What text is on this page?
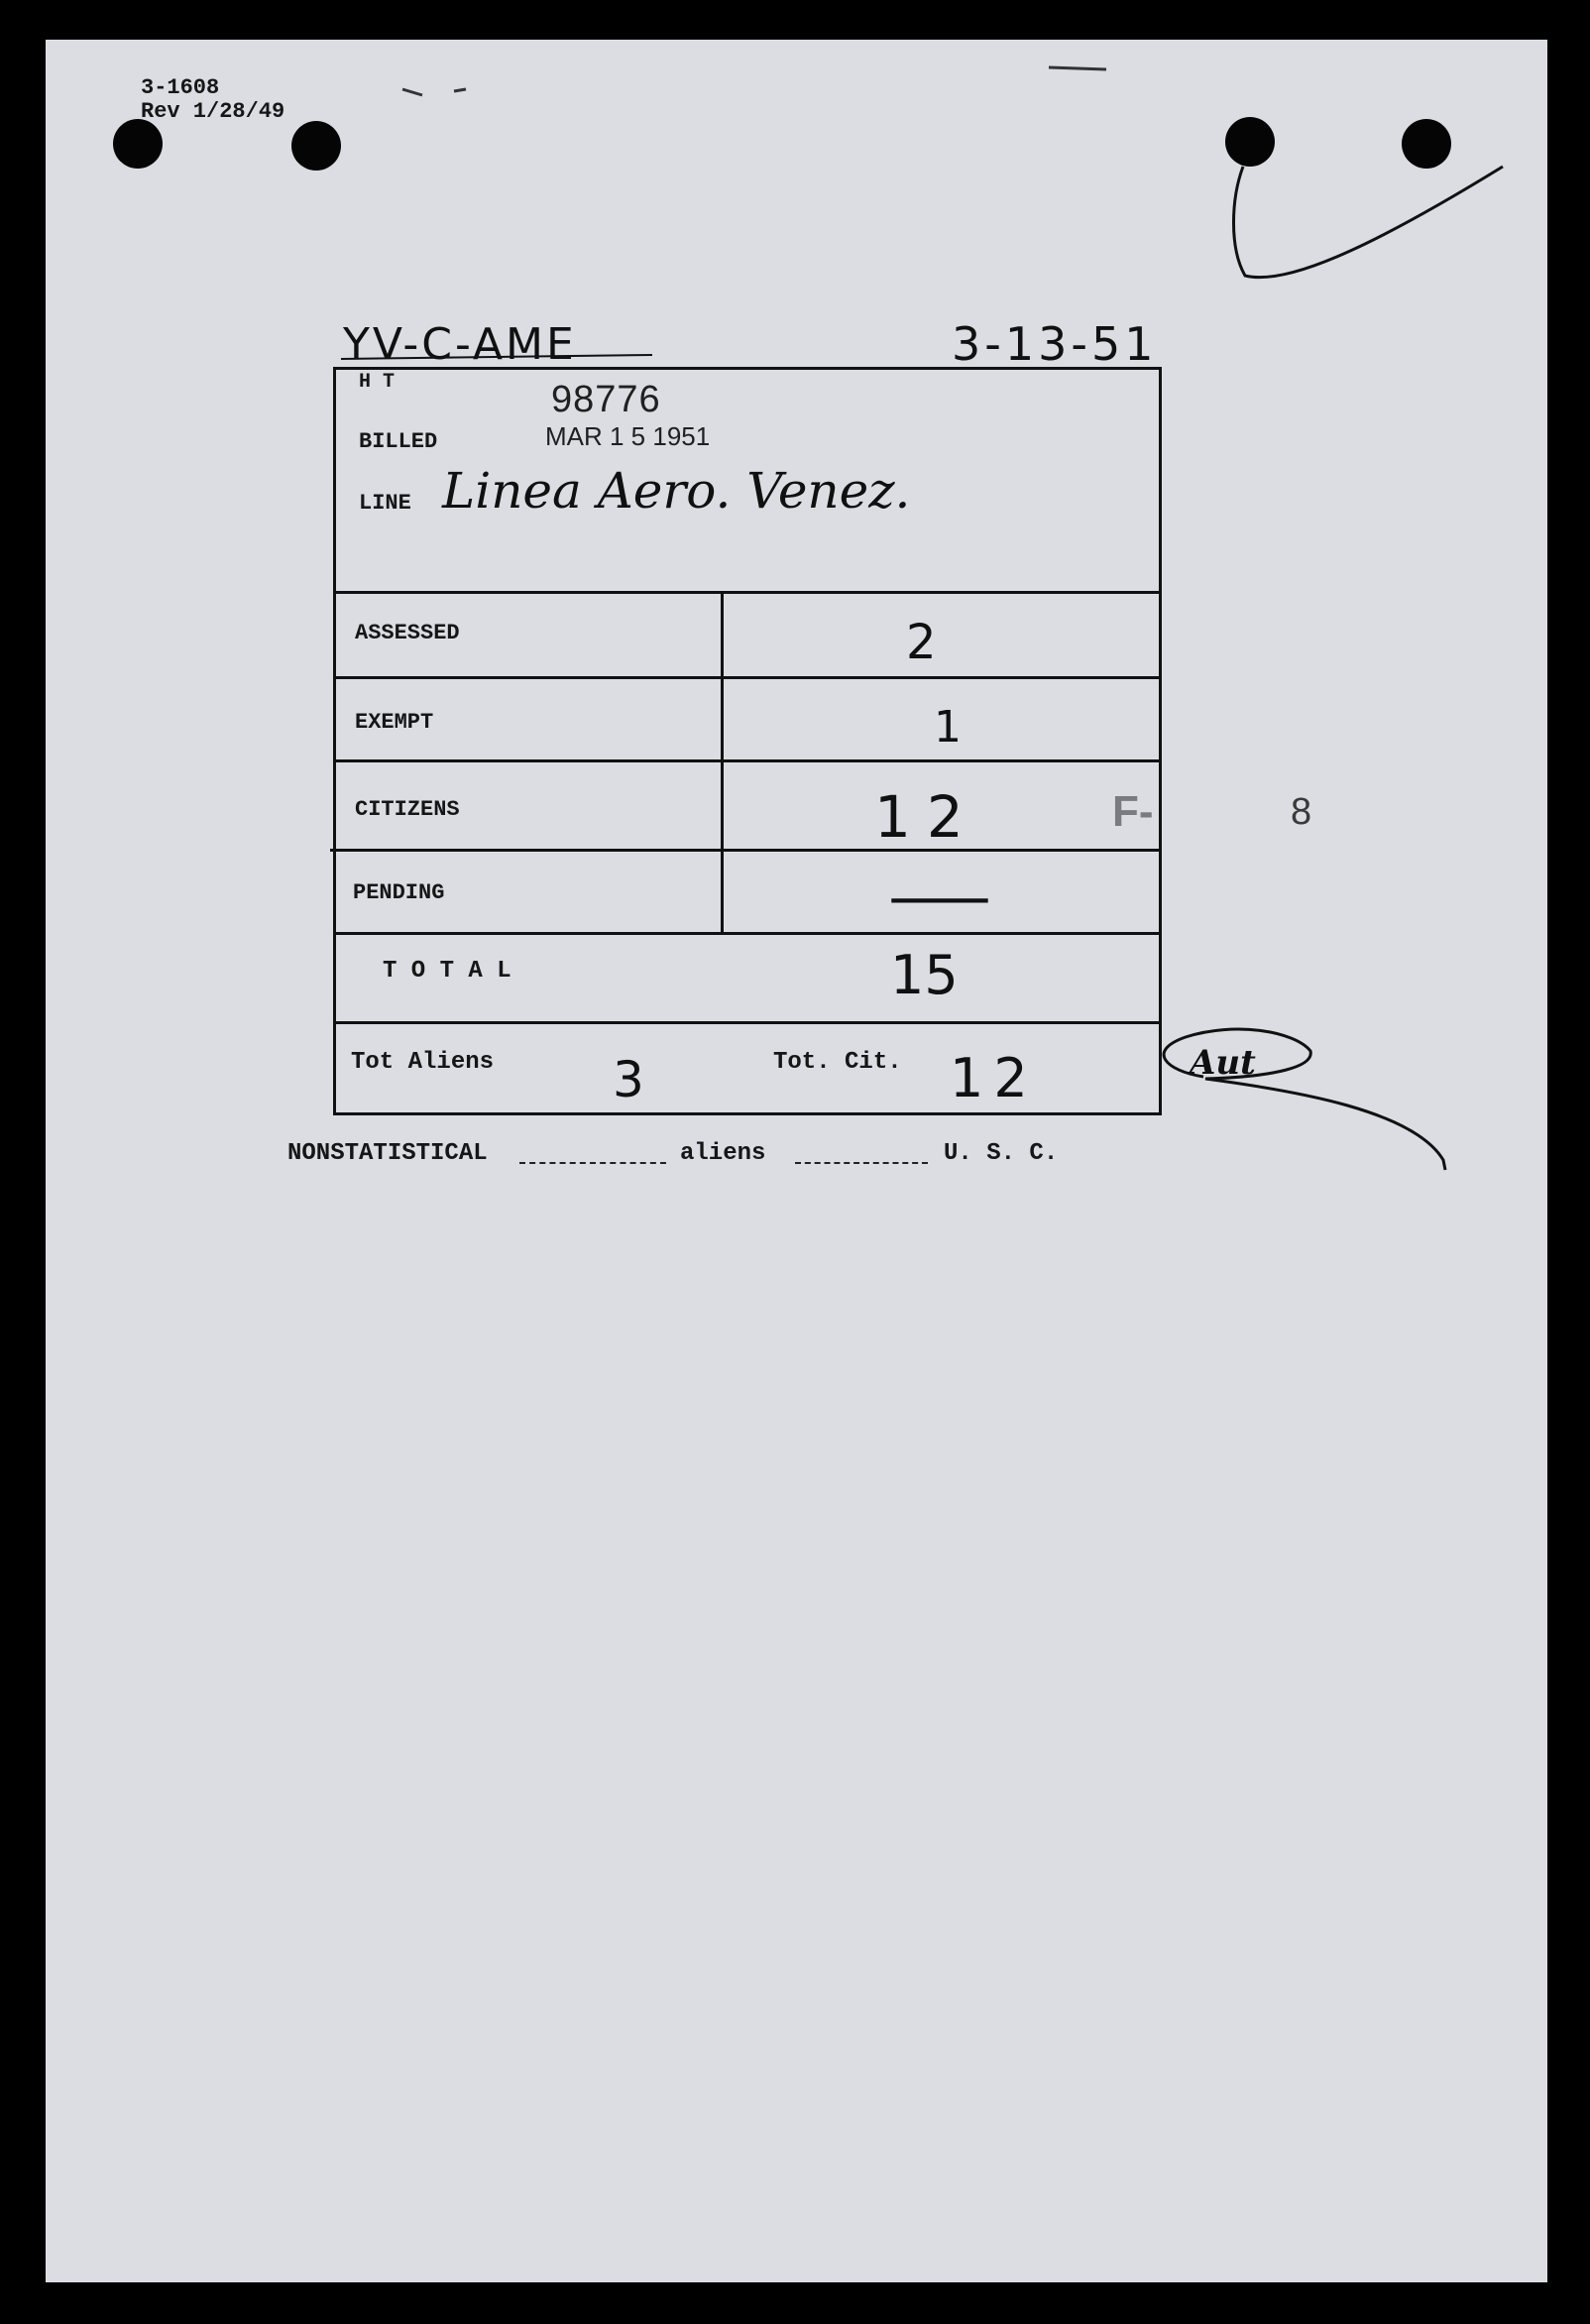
3-1608
Rev 1/28/49
YV-C-AME	3-13-51
H T	98776
BILLED	MAR 1 5 1951
LINE Linea Aero. Venez.
ASSESSED	2
EXEMPT	1
CITIZENS	12
PENDING	—
T O T A L	15
Tot Aliens 3	Tot. Cit. 12
F-	8
Aut
NONSTATISTICAL	aliens	U. S. C.
